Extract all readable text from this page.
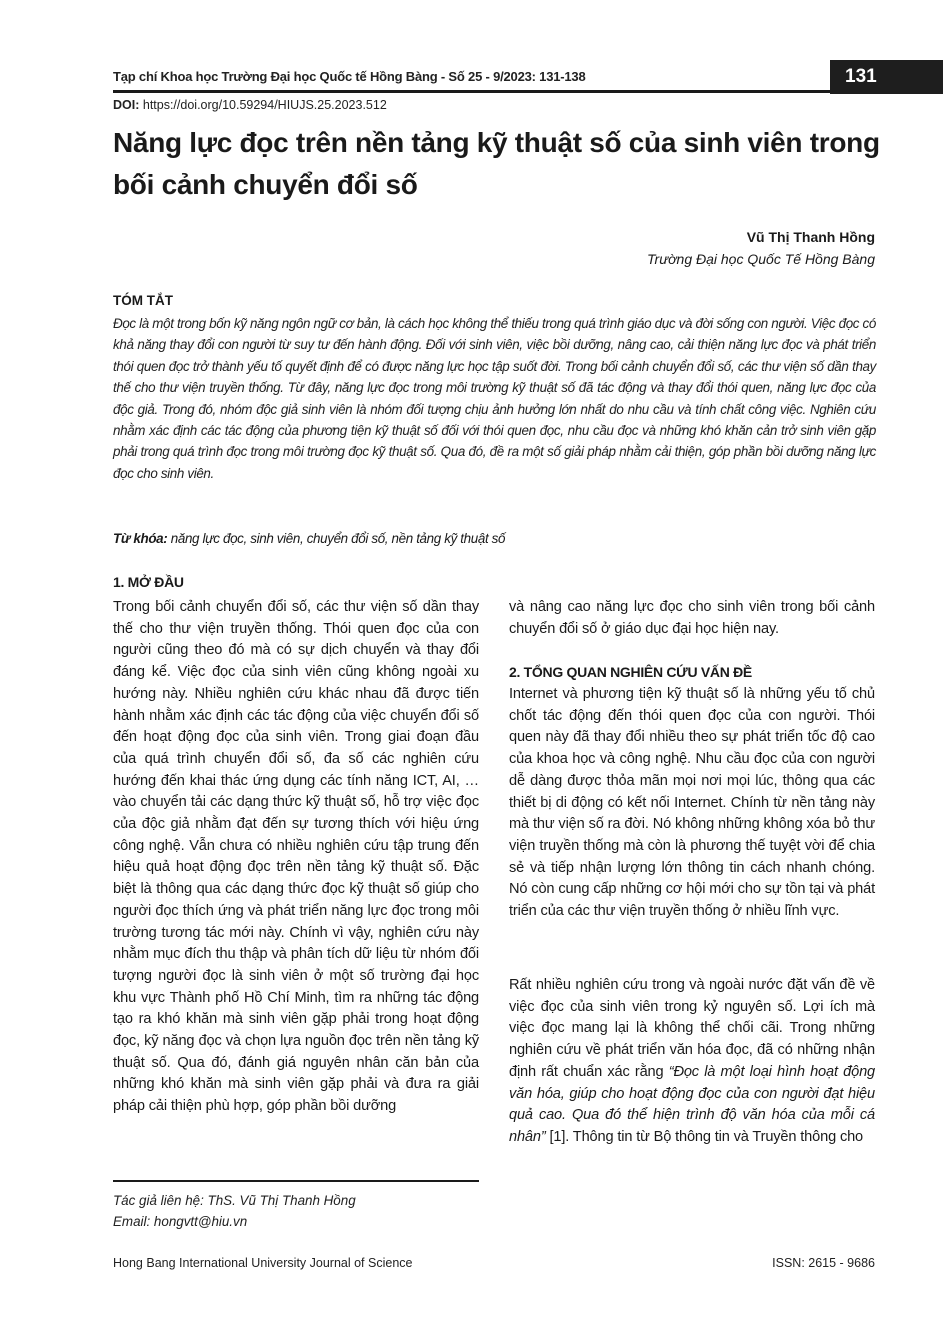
Tạp chí Khoa học Trường Đại học Quốc tế Hồng Bàng - Số 25 - 9/2023: 131-138	131
DOI: https://doi.org/10.59294/HIUJS.25.2023.512
Năng lực đọc trên nền tảng kỹ thuật số của sinh viên trong bối cảnh chuyển đổi số
Vũ Thị Thanh Hồng
Trường Đại học Quốc Tế Hồng Bàng
TÓM TẮT

Đọc là một trong bốn kỹ năng ngôn ngữ cơ bản, là cách học không thể thiếu trong quá trình giáo dục và đời sống con người. Việc đọc có khả năng thay đổi con người từ suy tư đến hành động. Đối với sinh viên, việc bồi dưỡng, nâng cao, cải thiện năng lực đọc và phát triển thói quen đọc trở thành yếu tố quyết định để có được năng lực học tập suốt đời. Trong bối cảnh chuyển đổi số, các thư viện số dần thay thế cho thư viện truyền thống. Từ đây, năng lực đọc trong môi trường kỹ thuật số đã tác động và thay đổi thói quen, năng lực đọc của độc giả. Trong đó, nhóm độc giả sinh viên là nhóm đối tượng chịu ảnh hưởng lớn nhất do nhu cầu và tính chất công việc. Nghiên cứu nhằm xác định các tác động của phương tiện kỹ thuật số đối với thói quen đọc, nhu cầu đọc và những khó khăn cản trở sinh viên gặp phải trong quá trình đọc trong môi trường đọc kỹ thuật số. Qua đó, đề ra một số giải pháp nhằm cải thiện, góp phần bồi dưỡng năng lực đọc cho sinh viên.

Từ khóa: năng lực đọc, sinh viên, chuyển đổi số, nền tảng kỹ thuật số
1. MỞ ĐẦU

Trong bối cảnh chuyển đổi số, các thư viện số dần thay thế cho thư viện truyền thống. Thói quen đọc của con người cũng theo đó mà có sự dịch chuyển và thay đổi đáng kể. Việc đọc của sinh viên cũng không ngoài xu hướng này. Nhiều nghiên cứu khác nhau đã được tiến hành nhằm xác định các tác động của việc chuyển đổi số đến hoạt động đọc của sinh viên. Trong giai đoạn đầu của quá trình chuyển đổi số, đa số các nghiên cứu hướng đến khai thác ứng dụng các tính năng ICT, AI, …vào chuyển tải các dạng thức kỹ thuật số, hỗ trợ việc đọc của độc giả nhằm đạt đến sự tương thích với hiệu ứng công nghệ. Vẫn chưa có nhiều nghiên cứu tập trung đến hiệu quả hoạt động đọc trên nền tảng kỹ thuật số. Đặc biệt là thông qua các dạng thức đọc kỹ thuật số giúp cho người đọc thích ứng và phát triển năng lực đọc trong môi trường tương tác mới này. Chính vì vậy, nghiên cứu này nhằm mục đích thu thập và phân tích dữ liệu từ nhóm đối tượng người đọc là sinh viên ở một số trường đại học khu vực Thành phố Hồ Chí Minh, tìm ra những tác động tạo ra khó khăn mà sinh viên gặp phải trong hoạt động đọc, kỹ năng đọc và chọn lựa nguồn đọc trên nền tảng kỹ thuật số. Qua đó, đánh giá nguyên nhân căn bản của những khó khăn mà sinh viên gặp phải và đưa ra giải pháp cải thiện phù hợp, góp phần bồi dưỡng

và nâng cao năng lực đọc cho sinh viên trong bối cảnh chuyển đổi số ở giáo dục đại học hiện nay.

2. TỔNG QUAN NGHIÊN CỨU VẤN ĐỀ

Internet và phương tiện kỹ thuật số là những yếu tố chủ chốt tác động đến thói quen đọc của con người. Thói quen này đã thay đổi nhiều theo sự phát triển tốc độ cao của khoa học và công nghệ. Nhu cầu đọc của con người dễ dàng được thỏa mãn mọi nơi mọi lúc, thông qua các thiết bị di động có kết nối Internet. Chính từ nền tảng này mà thư viện số ra đời. Nó không những không xóa bỏ thư viện truyền thống mà còn là phương thế tuyệt vời để chia sẻ và tiếp nhận lượng lớn thông tin cách nhanh chóng. Nó còn cung cấp những cơ hội mới cho sự tồn tại và phát triển của các thư viện truyền thống ở nhiều lĩnh vực.

Rất nhiều nghiên cứu trong và ngoài nước đặt vấn đề về việc đọc của sinh viên trong kỷ nguyên số. Lợi ích mà việc đọc mang lại là không thể chối cãi. Trong những nghiên cứu về phát triển văn hóa đọc, đã có những nhận định rất chuẩn xác rằng “Đọc là một loại hình hoạt động văn hóa, giúp cho hoạt động đọc của con người đạt hiệu quả cao. Qua đó thể hiện trình độ văn hóa của mỗi cá nhân” [1]. Thông tin từ Bộ thông tin và Truyền thông cho

Tác giả liên hệ: ThS. Vũ Thị Thanh Hồng
Email: hongvtt@hiu.vn
Hong Bang International University Journal of Science	ISSN: 2615 - 9686
